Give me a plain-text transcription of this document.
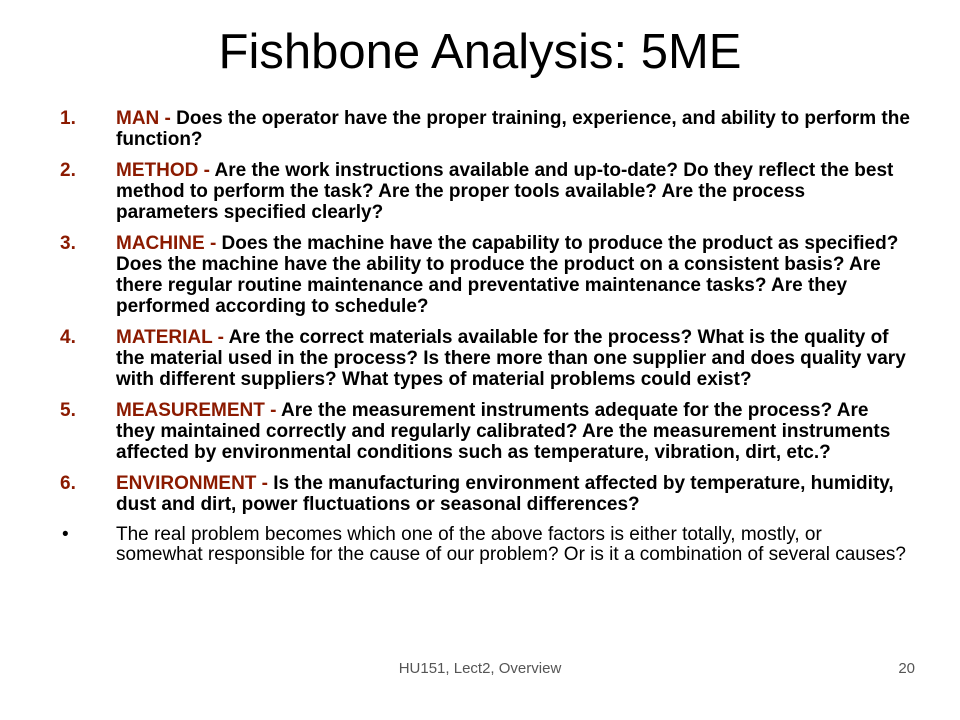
Fishbone Analysis: 5ME
1. MAN - Does the operator have the proper training, experience, and ability to perform the function?
2. METHOD - Are the work instructions available and up-to-date? Do they reflect the best method to perform the task? Are the proper tools available? Are the process parameters specified clearly?
3. MACHINE - Does the machine have the capability to produce the product as specified? Does the machine have the ability to produce the product on a consistent basis? Are there regular routine maintenance and preventative maintenance tasks? Are they performed according to schedule?
4. MATERIAL - Are the correct materials available for the process? What is the quality of the material used in the process? Is there more than one supplier and does quality vary with different suppliers? What types of material problems could exist?
5. MEASUREMENT - Are the measurement instruments adequate for the process? Are they maintained correctly and regularly calibrated? Are the measurement instruments affected by environmental conditions such as temperature, vibration, dirt, etc.?
6. ENVIRONMENT - Is the manufacturing environment affected by temperature, humidity, dust and dirt, power fluctuations or seasonal differences?
• The real problem becomes which one of the above factors is either totally, mostly, or somewhat responsible for the cause of our problem? Or is it a combination of several causes?
HU151, Lect2, Overview	20
